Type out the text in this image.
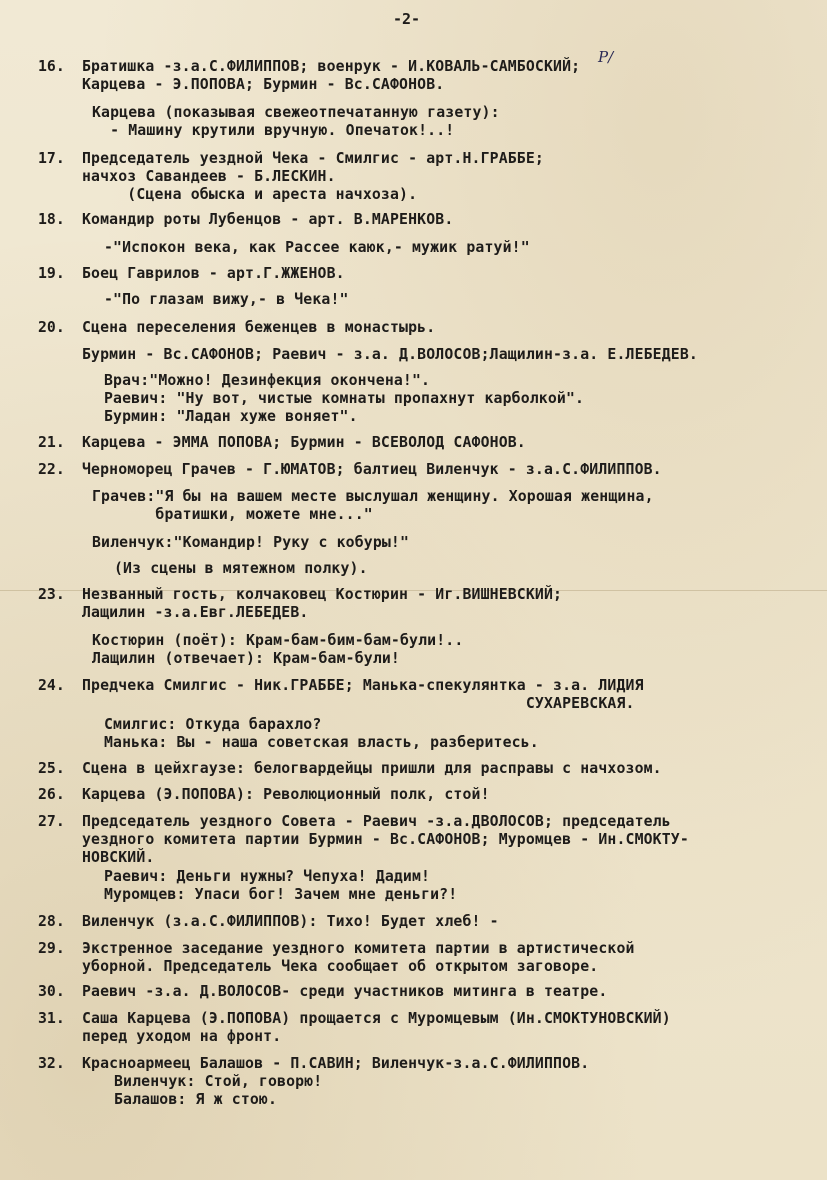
-2-
P/
16. Братишка -з.а.С.ФИЛИППОВ; военрук - И.КОВАЛЬ-САМБОСКИЙ;
Карцева - Э.ПОПОВА; Бурмин - Вс.САФОНОВ.
Карцева (показывая свежеотпечатанную газету):
- Машину крутили вручную. Опечаток!..!
17. Председатель уездной Чека - Смилгис - арт.Н.ГРАББЕ;
начхоз Савандеев - Б.ЛЕСКИН.
(Сцена обыска и ареста начхоза).
18. Командир роты Лубенцов - арт. В.МАРЕНКОВ.
-"Испокон века, как Рассее каюк,- мужик ратуй!"
19. Боец Гаврилов - арт.Г.ЖЖЕНОВ.
-"По глазам вижу,- в Чека!"
20. Сцена переселения беженцев в монастырь.
Бурмин - Вс.САФОНОВ; Раевич - з.а. Д.ВОЛОСОВ;Лащилин-з.а. Е.ЛЕБЕДЕВ.
Врач:"Можно! Дезинфекция окончена!".
Раевич: "Ну вот, чистые комнаты пропахнут карболкой".
Бурмин: "Ладан хуже воняет".
21. Карцева - ЭММА ПОПОВА; Бурмин - ВСЕВОЛОД САФОНОВ.
22. Черноморец Грачев - Г.ЮМАТОВ; балтиец Виленчук - з.а.С.ФИЛИППОВ.
Грачев:"Я бы на вашем месте выслушал женщину. Хорошая женщина,
братишки, можете мне..."
Виленчук:"Командир! Руку с кобуры!"
(Из сцены в мятежном полку).
23. Незванный гость, колчаковец Костюрин - Иг.ВИШНЕВСКИЙ;
Лащилин -з.а.Евг.ЛЕБЕДЕВ.
Костюрин (поёт): Крам-бам-бим-бам-були!..
Лащилин (отвечает): Крам-бам-були!
24. Предчека Смилгис - Ник.ГРАББЕ; Манька-спекулянтка - з.а. ЛИДИЯ
СУХАРЕВСКАЯ.
Смилгис: Откуда барахло?
Манька: Вы - наша советская власть, разберитесь.
25. Сцена в цейхгаузе: белогвардейцы пришли для расправы с начхозом.
26. Карцева (Э.ПОПОВА): Революционный полк, стой!
27. Председатель уездного Совета - Раевич -з.а.ДВОЛОСОВ; председатель
уездного комитета партии Бурмин - Вс.САФОНОВ; Муромцев - Ин.СМОКТУ-
НОВСКИЙ.
Раевич: Деньги нужны? Чепуха! Дадим!
Муромцев: Упаси бог! Зачем мне деньги?!
28. Виленчук (з.а.С.ФИЛИППОВ): Тихо! Будет хлеб! -
29. Экстренное заседание уездного комитета партии в артистической
уборной. Председатель Чека сообщает об открытом заговоре.
30. Раевич -з.а. Д.ВОЛОСОВ- среди участников митинга в театре.
31. Саша Карцева (Э.ПОПОВА) прощается с Муромцевым (Ин.СМОКТУНОВСКИЙ)
перед уходом на фронт.
32. Красноармеец Балашов - П.САВИН; Виленчук-з.а.С.ФИЛИППОВ.
Виленчук: Стой, говорю!
Балашов: Я ж стою.
